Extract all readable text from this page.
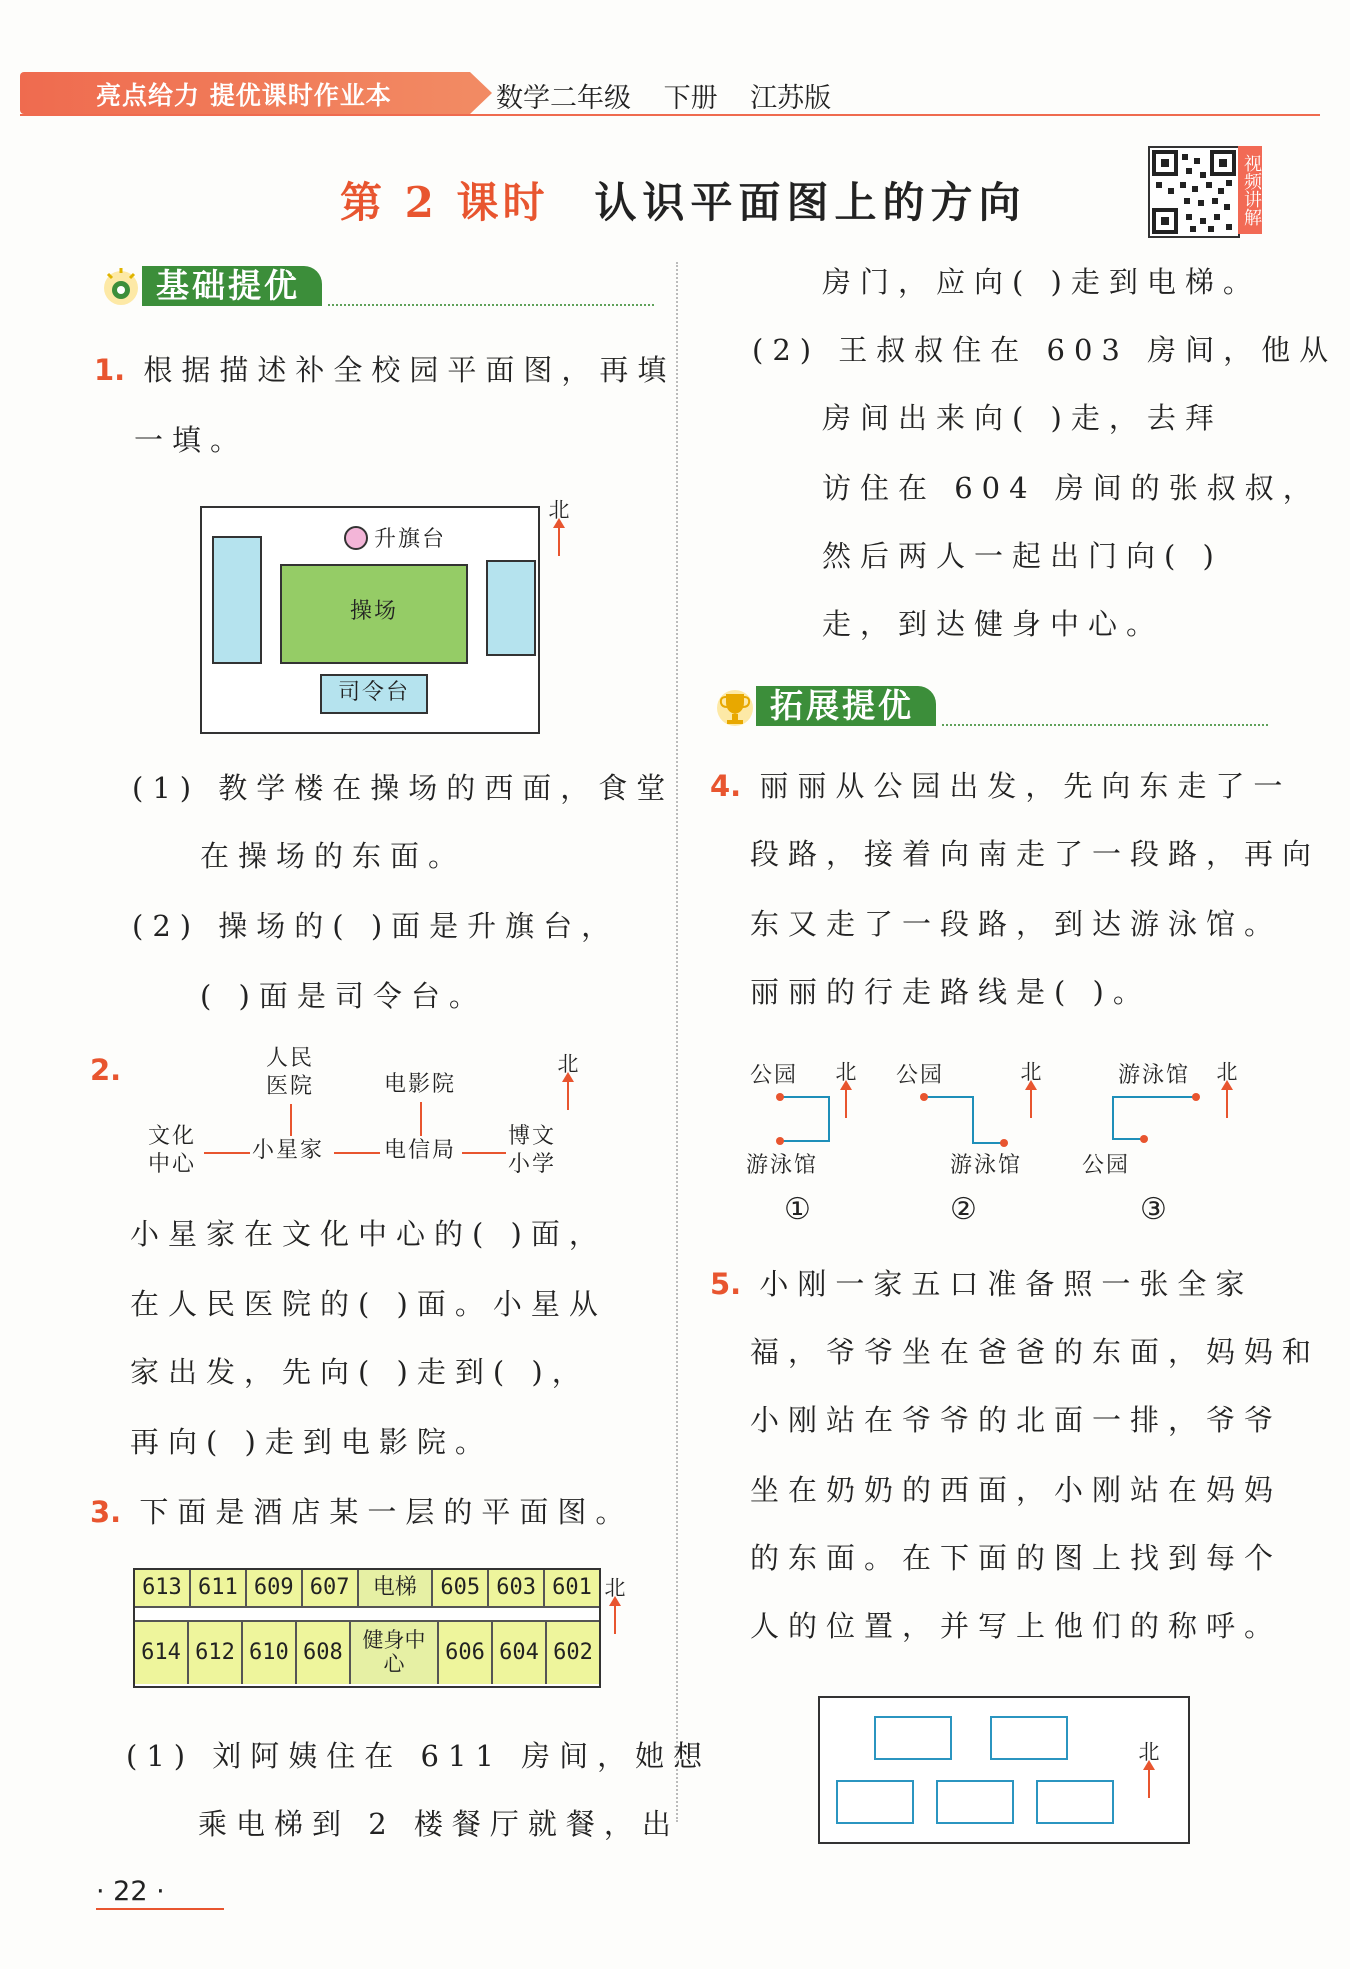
亮点给力 提优课时作业本	数学二年级 下册 江苏版
第 2 课时 认识平面图上的方向	视频讲解
基础提优
1. 根据描述补全校园平面图，再填
一填。
升旗台
操场
司令台
北
(1) 教学楼在操场的西面，食堂
在操场的东面。
(2) 操场的( )面是升旗台，
( )面是司令台。
2.	人民
医院	电影院
文化
中心
小星家	电信局
博文
小学
北
小星家在文化中心的( )面，
在人民医院的( )面。小星从
家出发，先向( )走到( )，
再向( )走到电影院。
3. 下面是酒店某一层的平面图。
613 611 609 607	电梯	605 603 601
614 612 610 608 健身中心	606 604 602
北
(1) 刘阿姨住在 611 房间，她想
乘电梯到 2 楼餐厅就餐，出
房门，应向( )走到电梯。
(2) 王叔叔住在 603 房间，他从
房间出来向( )走，去拜
访住在 604 房间的张叔叔，
然后两人一起出门向( )
走，到达健身中心。
拓展提优
4. 丽丽从公园出发，先向东走了一
段路，接着向南走了一段路，再向
东又走了一段路，到达游泳馆。
丽丽的行走路线是( )。
公园
游泳馆
①
北 公园
游泳馆
②
北	游泳馆
公园
③
北
5. 小刚一家五口准备照一张全家
福，爷爷坐在爸爸的东面，妈妈和
小刚站在爷爷的北面一排，爷爷
坐在奶奶的西面，小刚站在妈妈
的东面。在下面的图上找到每个
人的位置，并写上他们的称呼。
北
· 22 ·
